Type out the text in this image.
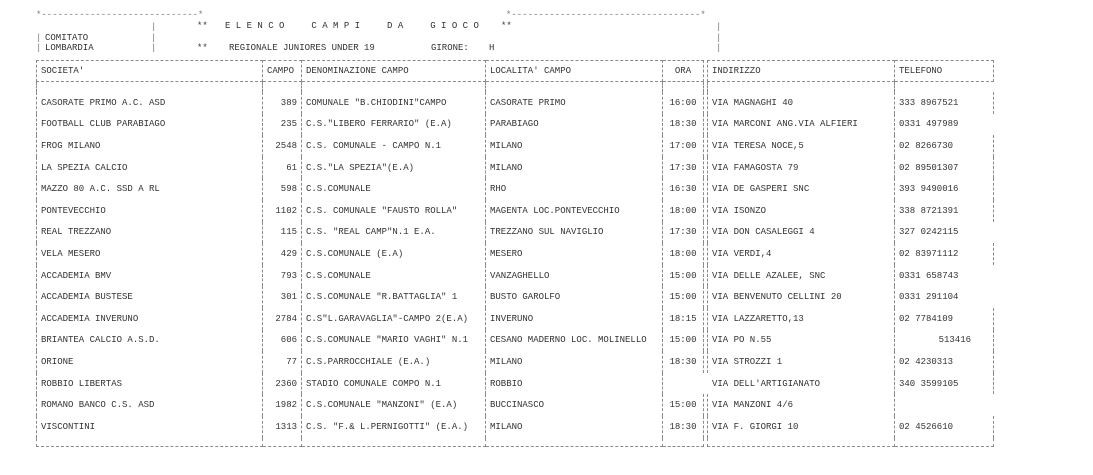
*-----------------------------*	*-----------------------------------*
|
|
|
|
|
|
|
|
** E L E N C O     C A M P I     D A     G I O C O **
COMITATO
LOMBARDIA	** REGIONALE JUNIORES UNDER 19	GIRONE: H
SOCIETA'	CAMPO	DENOMINAZIONE CAMPO	LOCALITA' CAMPO	ORA		INDIRIZZO	TELEFONO

CASORATE PRIMO A.C. ASD	389	COMUNALE "B.CHIODINI"CAMPO	CASORATE PRIMO	16:00		VIA MAGNAGHI 40	333 8967521
FOOTBALL CLUB PARABIAGO	235	C.S."LIBERO FERRARIO" (E.A)	PARABIAGO	18:30		VIA MARCONI ANG.VIA ALFIERI	0331 497989
FROG MILANO	2548	C.S. COMUNALE - CAMPO N.1	MILANO	17:00		VIA TERESA NOCE,5	02 8266730
LA SPEZIA CALCIO	61	C.S."LA SPEZIA"(E.A)	MILANO	17:30		VIA FAMAGOSTA 79	02 89501307
MAZZO 80 A.C. SSD A RL	598	C.S.COMUNALE	RHO	16:30		VIA DE GASPERI SNC	393 9490016
PONTEVECCHIO	1102	C.S. COMUNALE "FAUSTO ROLLA"	MAGENTA LOC.PONTEVECCHIO	18:00		VIA ISONZO	338 8721391
REAL TREZZANO	115	C.S. "REAL CAMP"N.1 E.A.	TREZZANO SUL NAVIGLIO	17:30		VIA DON CASALEGGI 4	327 0242115
VELA MESERO	429	C.S.COMUNALE (E.A)	MESERO	18:00		VIA VERDI,4	02 83971112
ACCADEMIA BMV	793	C.S.COMUNALE	VANZAGHELLO	15:00		VIA DELLE AZALEE, SNC	0331 658743
ACCADEMIA BUSTESE	301	C.S.COMUNALE "R.BATTAGLIA" 1	BUSTO GAROLFO	15:00		VIA BENVENUTO CELLINI 20	0331 291104
ACCADEMIA INVERUNO	2784	C.S"L.GARAVAGLIA"-CAMPO 2(E.A)	INVERUNO	18:15		VIA LAZZARETTO,13	02 7784109
BRIANTEA CALCIO A.S.D.	606	C.S.COMUNALE "MARIO VAGHI" N.1	CESANO MADERNO LOC. MOLINELLO	15:00		VIA PO N.55	513416
ORIONE	77	C.S.PARROCCHIALE (E.A.)	MILANO	18:30		VIA STROZZI 1	02 4230313
ROBBIO LIBERTAS	2360	STADIO COMUNALE COMPO N.1	ROBBIO			VIA DELL'ARTIGIANATO	340 3599105
ROMANO BANCO C.S. ASD	1982	C.S.COMUNALE "MANZONI" (E.A)	BUCCINASCO	15:00		VIA MANZONI 4/6	
VISCONTINI	1313	C.S. "F.& L.PERNIGOTTI" (E.A.)	MILANO	18:30		VIA F. GIORGI 10	02 4526610
